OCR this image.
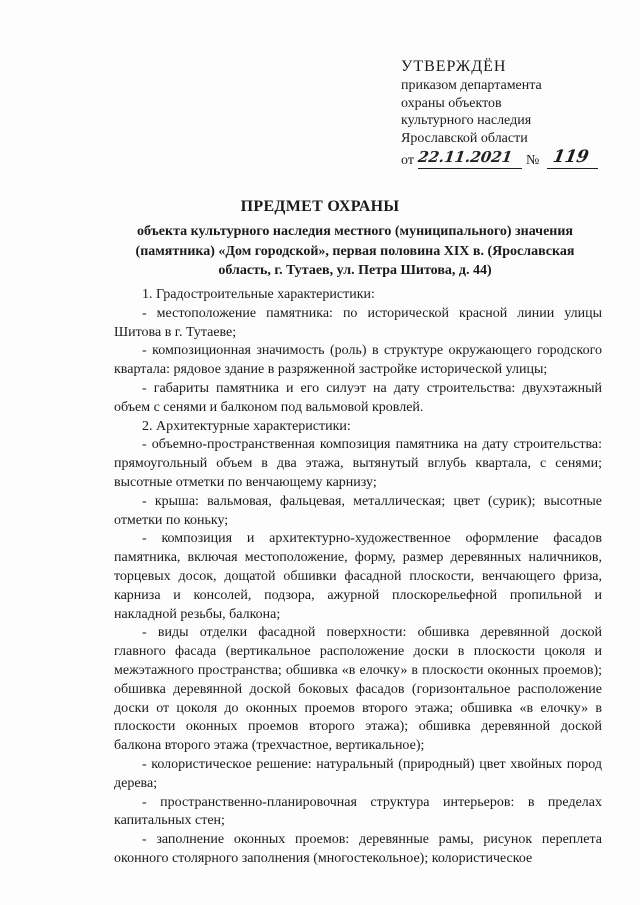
УТВЕРЖДЁН
приказом департамента
охраны объектов
культурного наследия
Ярославской области
от 22.11.2021 № 119
ПРЕДМЕТ ОХРАНЫ
объекта культурного наследия местного (муниципального) значения (памятника) «Дом городской», первая половина XIX в. (Ярославская область, г. Тутаев, ул. Петра Шитова, д. 44)

1. Градостроительные характеристики:

- местоположение памятника: по исторической красной линии улицы Шитова в г. Тутаеве;

- композиционная значимость (роль) в структуре окружающего городского квартала: рядовое здание в разряженной застройке исторической улицы;

- габариты памятника и его силуэт на дату строительства: двухэтажный объем с сенями и балконом под вальмовой кровлей.

2. Архитектурные характеристики:

- объемно-пространственная композиция памятника на дату строительства: прямоугольный объем в два этажа, вытянутый вглубь квартала, с сенями; высотные отметки по венчающему карнизу;

- крыша: вальмовая, фальцевая, металлическая; цвет (сурик); высотные отметки по коньку;

- композиция и архитектурно-художественное оформление фасадов памятника, включая местоположение, форму, размер деревянных наличников, торцевых досок, дощатой обшивки фасадной плоскости, венчающего фриза, карниза и консолей, подзора, ажурной плоскорельефной пропильной и накладной резьбы, балкона;

- виды отделки фасадной поверхности: обшивка деревянной доской главного фасада (вертикальное расположение доски в плоскости цоколя и межэтажного пространства; обшивка «в елочку» в плоскости оконных проемов); обшивка деревянной доской боковых фасадов (горизонтальное расположение доски от цоколя до оконных проемов второго этажа; обшивка «в елочку» в плоскости оконных проемов второго этажа); обшивка деревянной доской балкона второго этажа (трехчастное, вертикальное);

- колористическое решение: натуральный (природный) цвет хвойных пород дерева;

- пространственно-планировочная структура интерьеров: в пределах капитальных стен;

- заполнение оконных проемов: деревянные рамы, рисунок переплета оконного столярного заполнения (многостекольное); колористическое
